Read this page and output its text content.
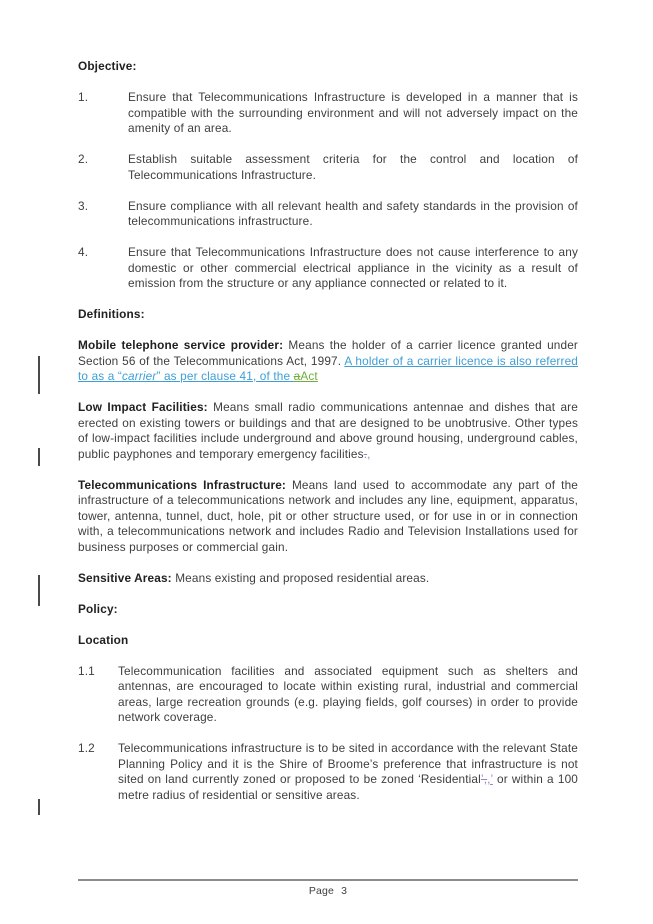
Objective:

1.	Ensure that Telecommunications Infrastructure is developed in a manner that is compatible with the surrounding environment and will not adversely impact on the amenity of an area.
2.	Establish suitable assessment criteria for the control and location of Telecommunications Infrastructure.
3.	Ensure compliance with all relevant health and safety standards in the provision of telecommunications infrastructure.
4.	Ensure that Telecommunications Infrastructure does not cause interference to any domestic or other commercial electrical appliance in the vicinity as a result of emission from the structure or any appliance connected or related to it.

Definitions:

Mobile telephone service provider: Means the holder of a carrier licence granted under Section 56 of the Telecommunications Act, 1997. A holder of a carrier licence is also referred to as a “carrier” as per clause 41, of the aAct

Low Impact Facilities: Means small radio communications antennae and dishes that are erected on existing towers or buildings and that are designed to be unobtrusive. Other types of low-impact facilities include underground and above ground housing, underground cables, public payphones and temporary emergency facilities.,

Telecommunications Infrastructure: Means land used to accommodate any part of the infrastructure of a telecommunications network and includes any line, equipment, apparatus, tower, antenna, tunnel, duct, hole, pit or other structure used, or for use in or in connection with, a telecommunications network and includes Radio and Television Installations used for business purposes or commercial gain.

Sensitive Areas: Means existing and proposed residential areas.

Policy:

Location

1.1	Telecommunication facilities and associated equipment such as shelters and antennas, are encouraged to locate within existing rural, industrial and commercial areas, large recreation grounds (e.g. playing fields, golf courses) in order to provide network coverage.
1.2	Telecommunications infrastructure is to be sited in accordance with the relevant State Planning Policy and it is the Shire of Broome’s preference that infrastructure is not sited on land currently zoned or proposed to be zoned ‘Residential’,,’ or within a 100 metre radius of residential or sensitive areas.
Page 3
